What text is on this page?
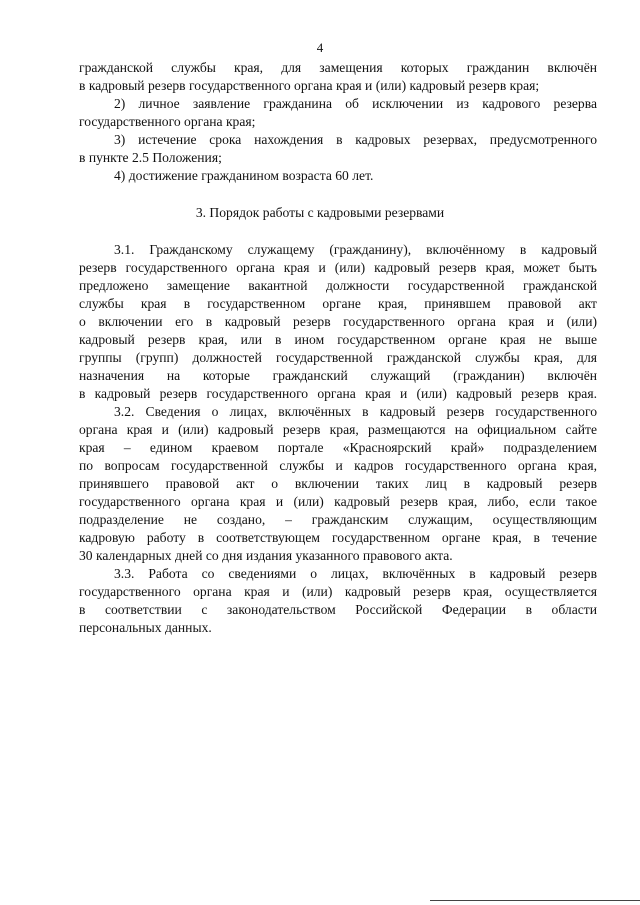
4
гражданской службы края, для замещения которых гражданин включён
в кадровый резерв государственного органа края и (или) кадровый резерв края;
2) личное заявление гражданина об исключении из кадрового резерва
государственного органа края;
3) истечение срока нахождения в кадровых резервах, предусмотренного
в пункте 2.5 Положения;
4) достижение гражданином возраста 60 лет.
3. Порядок работы с кадровыми резервами
3.1. Гражданскому служащему (гражданину), включённому в кадровый
резерв государственного органа края и (или) кадровый резерв края, может быть
предложено замещение вакантной должности государственной гражданской
службы края в государственном органе края, принявшем правовой акт
о включении его в кадровый резерв государственного органа края и (или)
кадровый резерв края, или в ином государственном органе края не выше
группы (групп) должностей государственной гражданской службы края, для
назначения на которые гражданский служащий (гражданин) включён
в кадровый резерв государственного органа края и (или) кадровый резерв края.
3.2. Сведения о лицах, включённых в кадровый резерв государственного
органа края и (или) кадровый резерв края, размещаются на официальном сайте
края – едином краевом портале «Красноярский край» подразделением
по вопросам государственной службы и кадров государственного органа края,
принявшего правовой акт о включении таких лиц в кадровый резерв
государственного органа края и (или) кадровый резерв края, либо, если такое
подразделение не создано, – гражданским служащим, осуществляющим
кадровую работу в соответствующем государственном органе края, в течение
30 календарных дней со дня издания указанного правового акта.
3.3. Работа со сведениями о лицах, включённых в кадровый резерв
государственного органа края и (или) кадровый резерв края, осуществляется
в соответствии с законодательством Российской Федерации в области
персональных данных.
